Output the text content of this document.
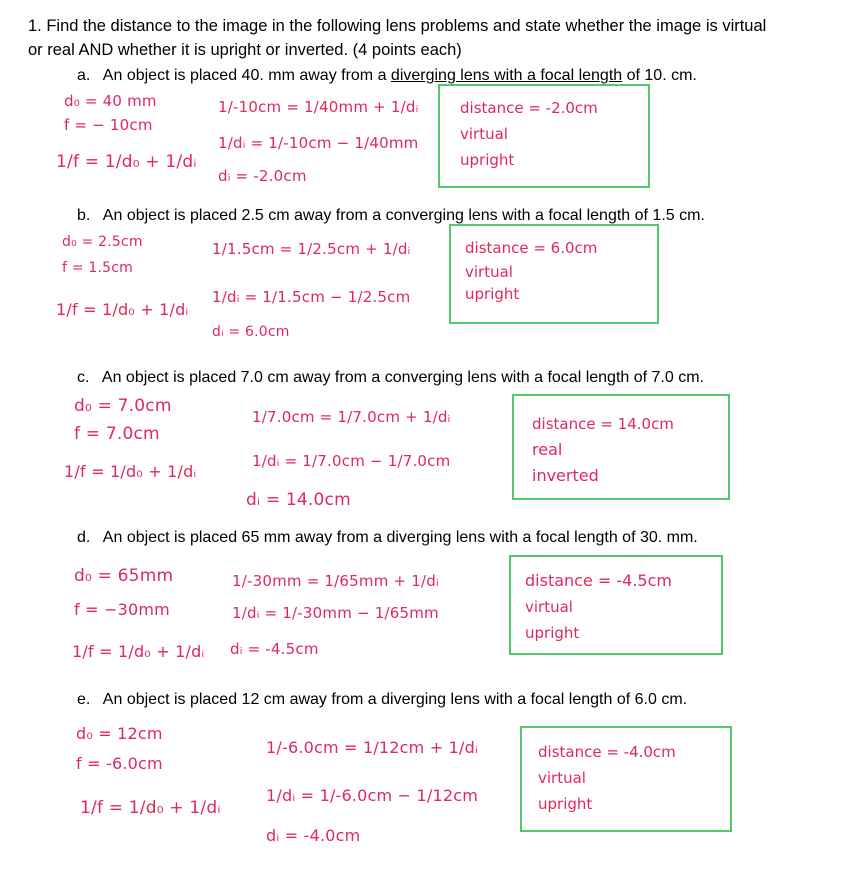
1. Find the distance to the image in the following lens problems and state whether the image is virtual
or real AND whether it is upright or inverted. (4 points each)
a. An object is placed 40. mm away from a diverging lens with a focal length of 10. cm.
d₀ = 40 mm
f = − 10cm
1/f = 1/d₀ + 1/dᵢ
1/-10cm = 1/40mm + 1/dᵢ
1/dᵢ = 1/-10cm − 1/40mm
dᵢ = -2.0cm
distance = -2.0cm
virtual
upright
b. An object is placed 2.5 cm away from a converging lens with a focal length of 1.5 cm.
d₀ = 2.5cm
f = 1.5cm
1/f = 1/d₀ + 1/dᵢ
1/1.5cm = 1/2.5cm + 1/dᵢ
1/dᵢ = 1/1.5cm − 1/2.5cm
dᵢ = 6.0cm
distance = 6.0cm
virtual
upright
c. An object is placed 7.0 cm away from a converging lens with a focal length of 7.0 cm.
d₀ = 7.0cm
f = 7.0cm
1/f = 1/d₀ + 1/dᵢ
1/7.0cm = 1/7.0cm + 1/dᵢ
1/dᵢ = 1/7.0cm − 1/7.0cm
dᵢ = 14.0cm
distance = 14.0cm
real
inverted
d. An object is placed 65 mm away from a diverging lens with a focal length of 30. mm.
d₀ = 65mm
f = −30mm
1/f = 1/d₀ + 1/dᵢ
1/-30mm = 1/65mm + 1/dᵢ
1/dᵢ = 1/-30mm − 1/65mm
dᵢ = -4.5cm
distance = -4.5cm
virtual
upright
e. An object is placed 12 cm away from a diverging lens with a focal length of 6.0 cm.
d₀ = 12cm
f = -6.0cm
1/f = 1/d₀ + 1/dᵢ
1/-6.0cm = 1/12cm + 1/dᵢ
1/dᵢ = 1/-6.0cm − 1/12cm
dᵢ = -4.0cm
distance = -4.0cm
virtual
upright
